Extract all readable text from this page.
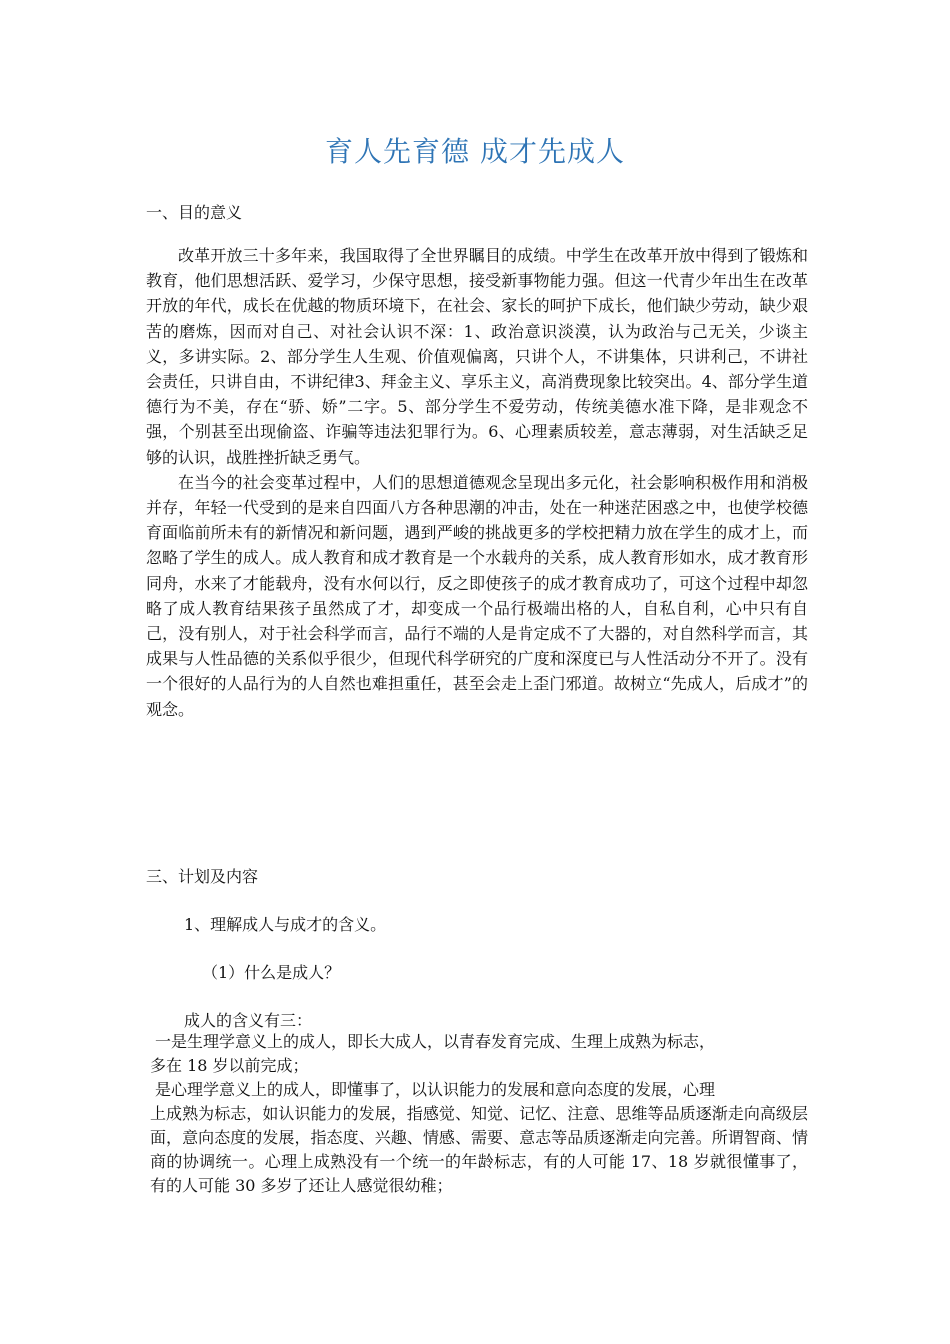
育人先育德 成才先成人
一、目的意义

改革开放三十多年来，我国取得了全世界瞩目的成绩。中学生在改革开放中得到了锻炼和教育，他们思想活跃、爱学习，少保守思想，接受新事物能力强。但这一代青少年出生在改革开放的年代，成长在优越的物质环境下，在社会、家长的呵护下成长，他们缺少劳动，缺少艰苦的磨炼，因而对自己、对社会认识不深：1、政治意识淡漠，认为政治与己无关，少谈主义，多讲实际。2、部分学生人生观、价值观偏离，只讲个人，不讲集体，只讲利己，不讲社会责任，只讲自由，不讲纪律3、拜金主义、享乐主义，高消费现象比较突出。4、部分学生道德行为不美，存在“骄、娇”二字。5、部分学生不爱劳动，传统美德水准下降，是非观念不强，个别甚至出现偷盗、诈骗等违法犯罪行为。6、心理素质较差，意志薄弱，对生活缺乏足够的认识，战胜挫折缺乏勇气。

在当今的社会变革过程中，人们的思想道德观念呈现出多元化，社会影响积极作用和消极并存，年轻一代受到的是来自四面八方各种思潮的冲击，处在一种迷茫困惑之中，也使学校德育面临前所未有的新情况和新问题，遇到严峻的挑战更多的学校把精力放在学生的成才上，而忽略了学生的成人。成人教育和成才教育是一个水载舟的关系，成人教育形如水，成才教育形同舟，水来了才能载舟，没有水何以行，反之即使孩子的成才教育成功了，可这个过程中却忽略了成人教育结果孩子虽然成了才，却变成一个品行极端出格的人，自私自利，心中只有自己，没有别人，对于社会科学而言，品行不端的人是肯定成不了大器的，对自然科学而言，其成果与人性品德的关系似乎很少，但现代科学研究的广度和深度已与人性活动分不开了。没有一个很好的人品行为的人自然也难担重任，甚至会走上歪门邪道。故树立“先成人，后成才”的观念。

三、计划及内容
1、理解成人与成才的含义。
（1）什么是成人？
成人的含义有三：
一是生理学意义上的成人，即长大成人，以青春发育完成、生理上成熟为标志，
多在 18 岁以前完成；
是心理学意义上的成人，即懂事了，以认识能力的发展和意向态度的发展，心理
上成熟为标志，如认识能力的发展，指感觉、知觉、记忆、注意、思维等品质逐渐走向高级层面，意向态度的发展，指态度、兴趣、情感、需要、意志等品质逐渐走向完善。所谓智商、情商的协调统一。心理上成熟没有一个统一的年龄标志，有的人可能 17、18 岁就很懂事了，有的人可能 30 多岁了还让人感觉很幼稚；
